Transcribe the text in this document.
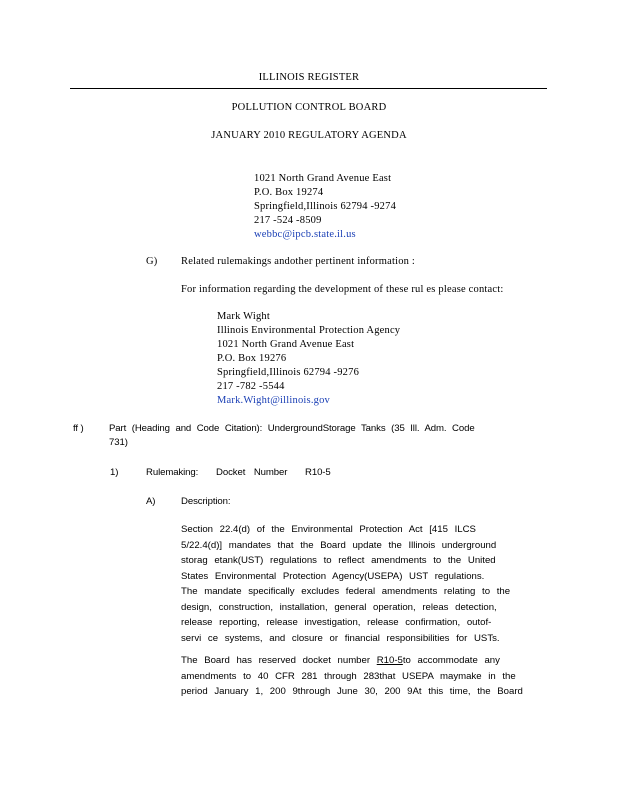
ILLINOIS REGISTER
POLLUTION CONTROL BOARD
JANUARY 2010 REGULATORY AGENDA
1021 North Grand Avenue East
P.O. Box 19274
Springfield,Illinois 62794 -9274
217 -524 -8509
webbc@ipcb.state.il.us
G) Related rulemakings andother pertinent information :
For information regarding the development of these rul es please contact:
Mark Wight
Illinois Environmental Protection Agency
1021 North Grand Avenue East
P.O. Box 19276
Springfield,Illinois 62794 -9276
217 -782 -5544
Mark.Wight@illinois.gov
ff )	Part (Heading and Code Citation): UndergroundStorage Tanks (35 Ill. Adm. Code
731)
1)	Rulemaking: Docket Number R10-5
A)	Description:
Section 22.4(d) of the Environmental Protection Act [415 ILCS
5/22.4(d)] mandates that the Board update the Illinois underground
storag etank(UST) regulations to reflect amendments to the United
States Environmental Protection Agency(USEPA) UST regulations.
The mandate specifically excludes federal amendments relating to the
design, construction, installation, general operation, releas detection,
release reporting, release investigation, release confirmation, outof-
servi ce systems, and closure or financial responsibilities for USTs.
The Board has reserved docket number R10-5to accommodate any
amendments to 40 CFR 281 through 283that USEPA maymake in the
period January 1, 200 9through June 30, 200 9At this time, the Board
